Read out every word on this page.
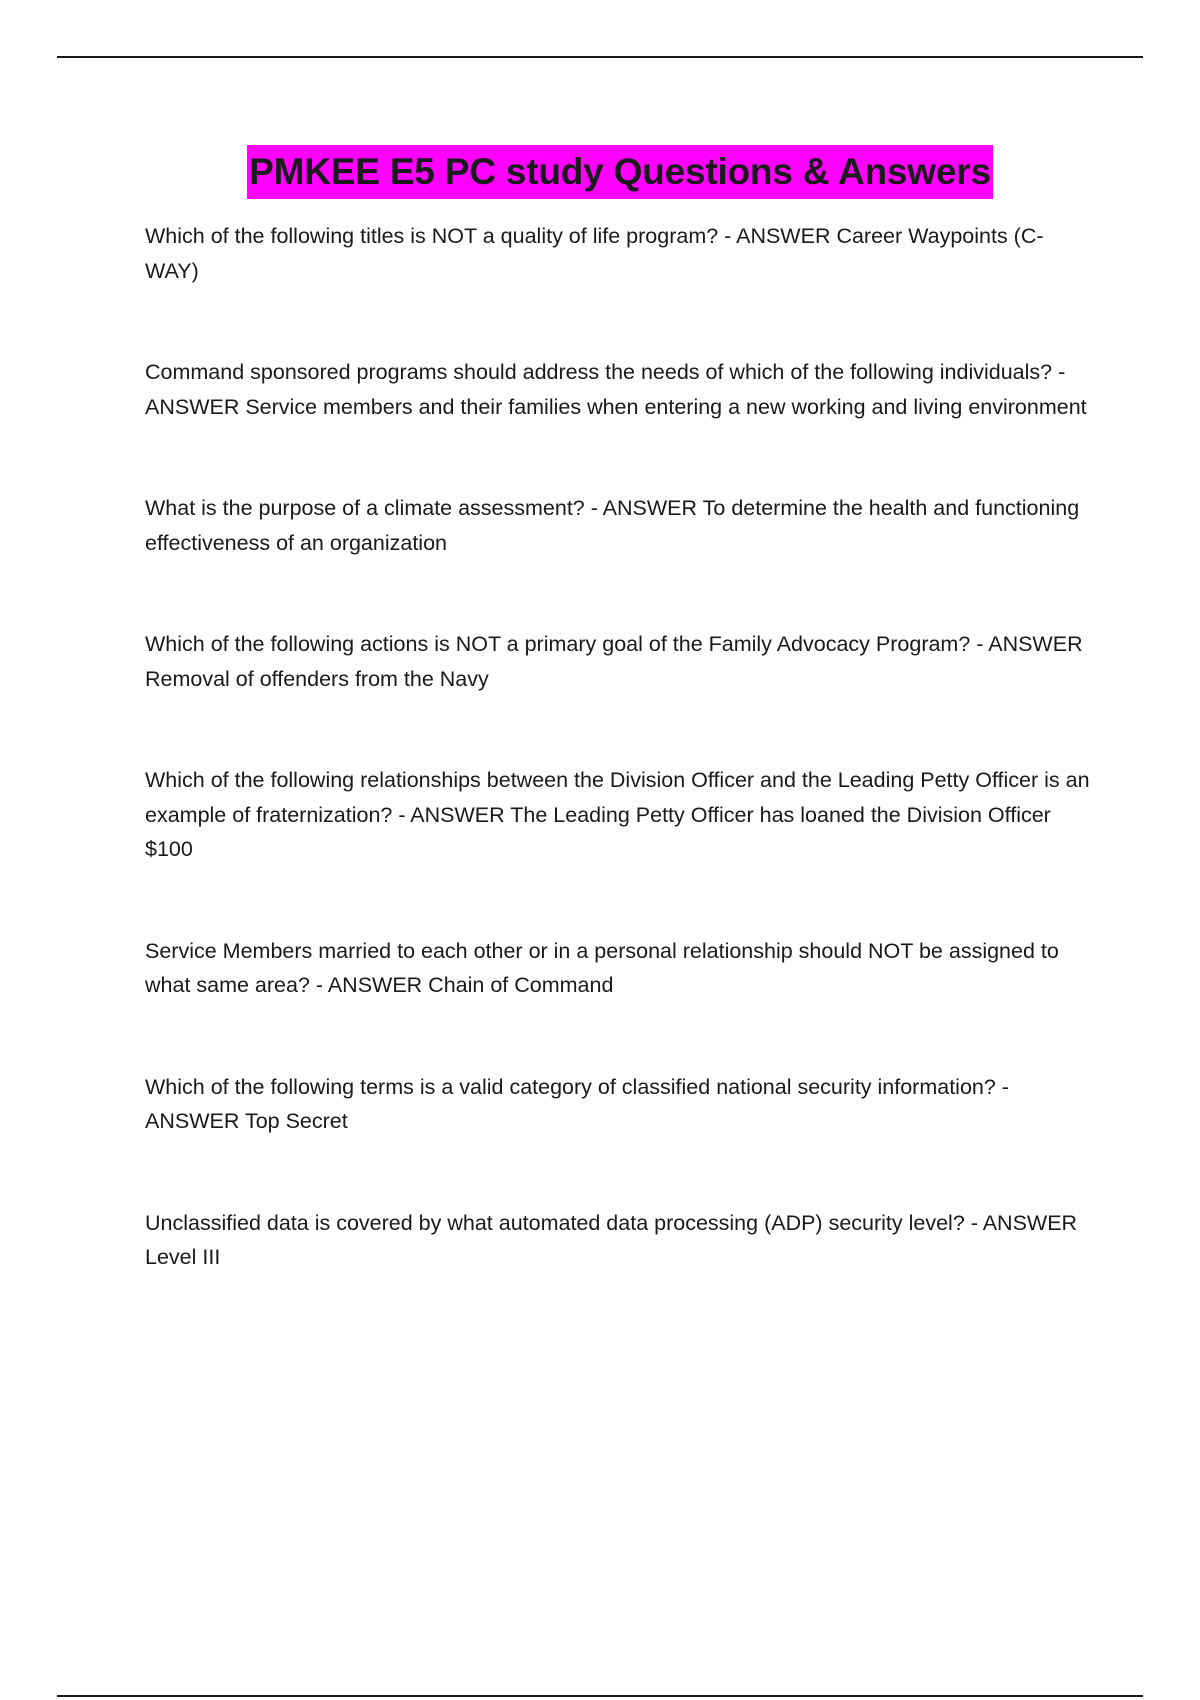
PMKEE E5 PC study Questions & Answers
Which of the following titles is NOT a quality of life program? - ANSWER Career Waypoints (C-WAY)
Command sponsored programs should address the needs of which of the following individuals? - ANSWER Service members and their families when entering a new working and living environment
What is the purpose of a climate assessment? - ANSWER To determine the health and functioning effectiveness of an organization
Which of the following actions is NOT a primary goal of the Family Advocacy Program? - ANSWER Removal of offenders from the Navy
Which of the following relationships between the Division Officer and the Leading Petty Officer is an example of fraternization? - ANSWER The Leading Petty Officer has loaned the Division Officer $100
Service Members married to each other or in a personal relationship should NOT be assigned to what same area? - ANSWER Chain of Command
Which of the following terms is a valid category of classified national security information? - ANSWER Top Secret
Unclassified data is covered by what automated data processing (ADP) security level? - ANSWER Level III
